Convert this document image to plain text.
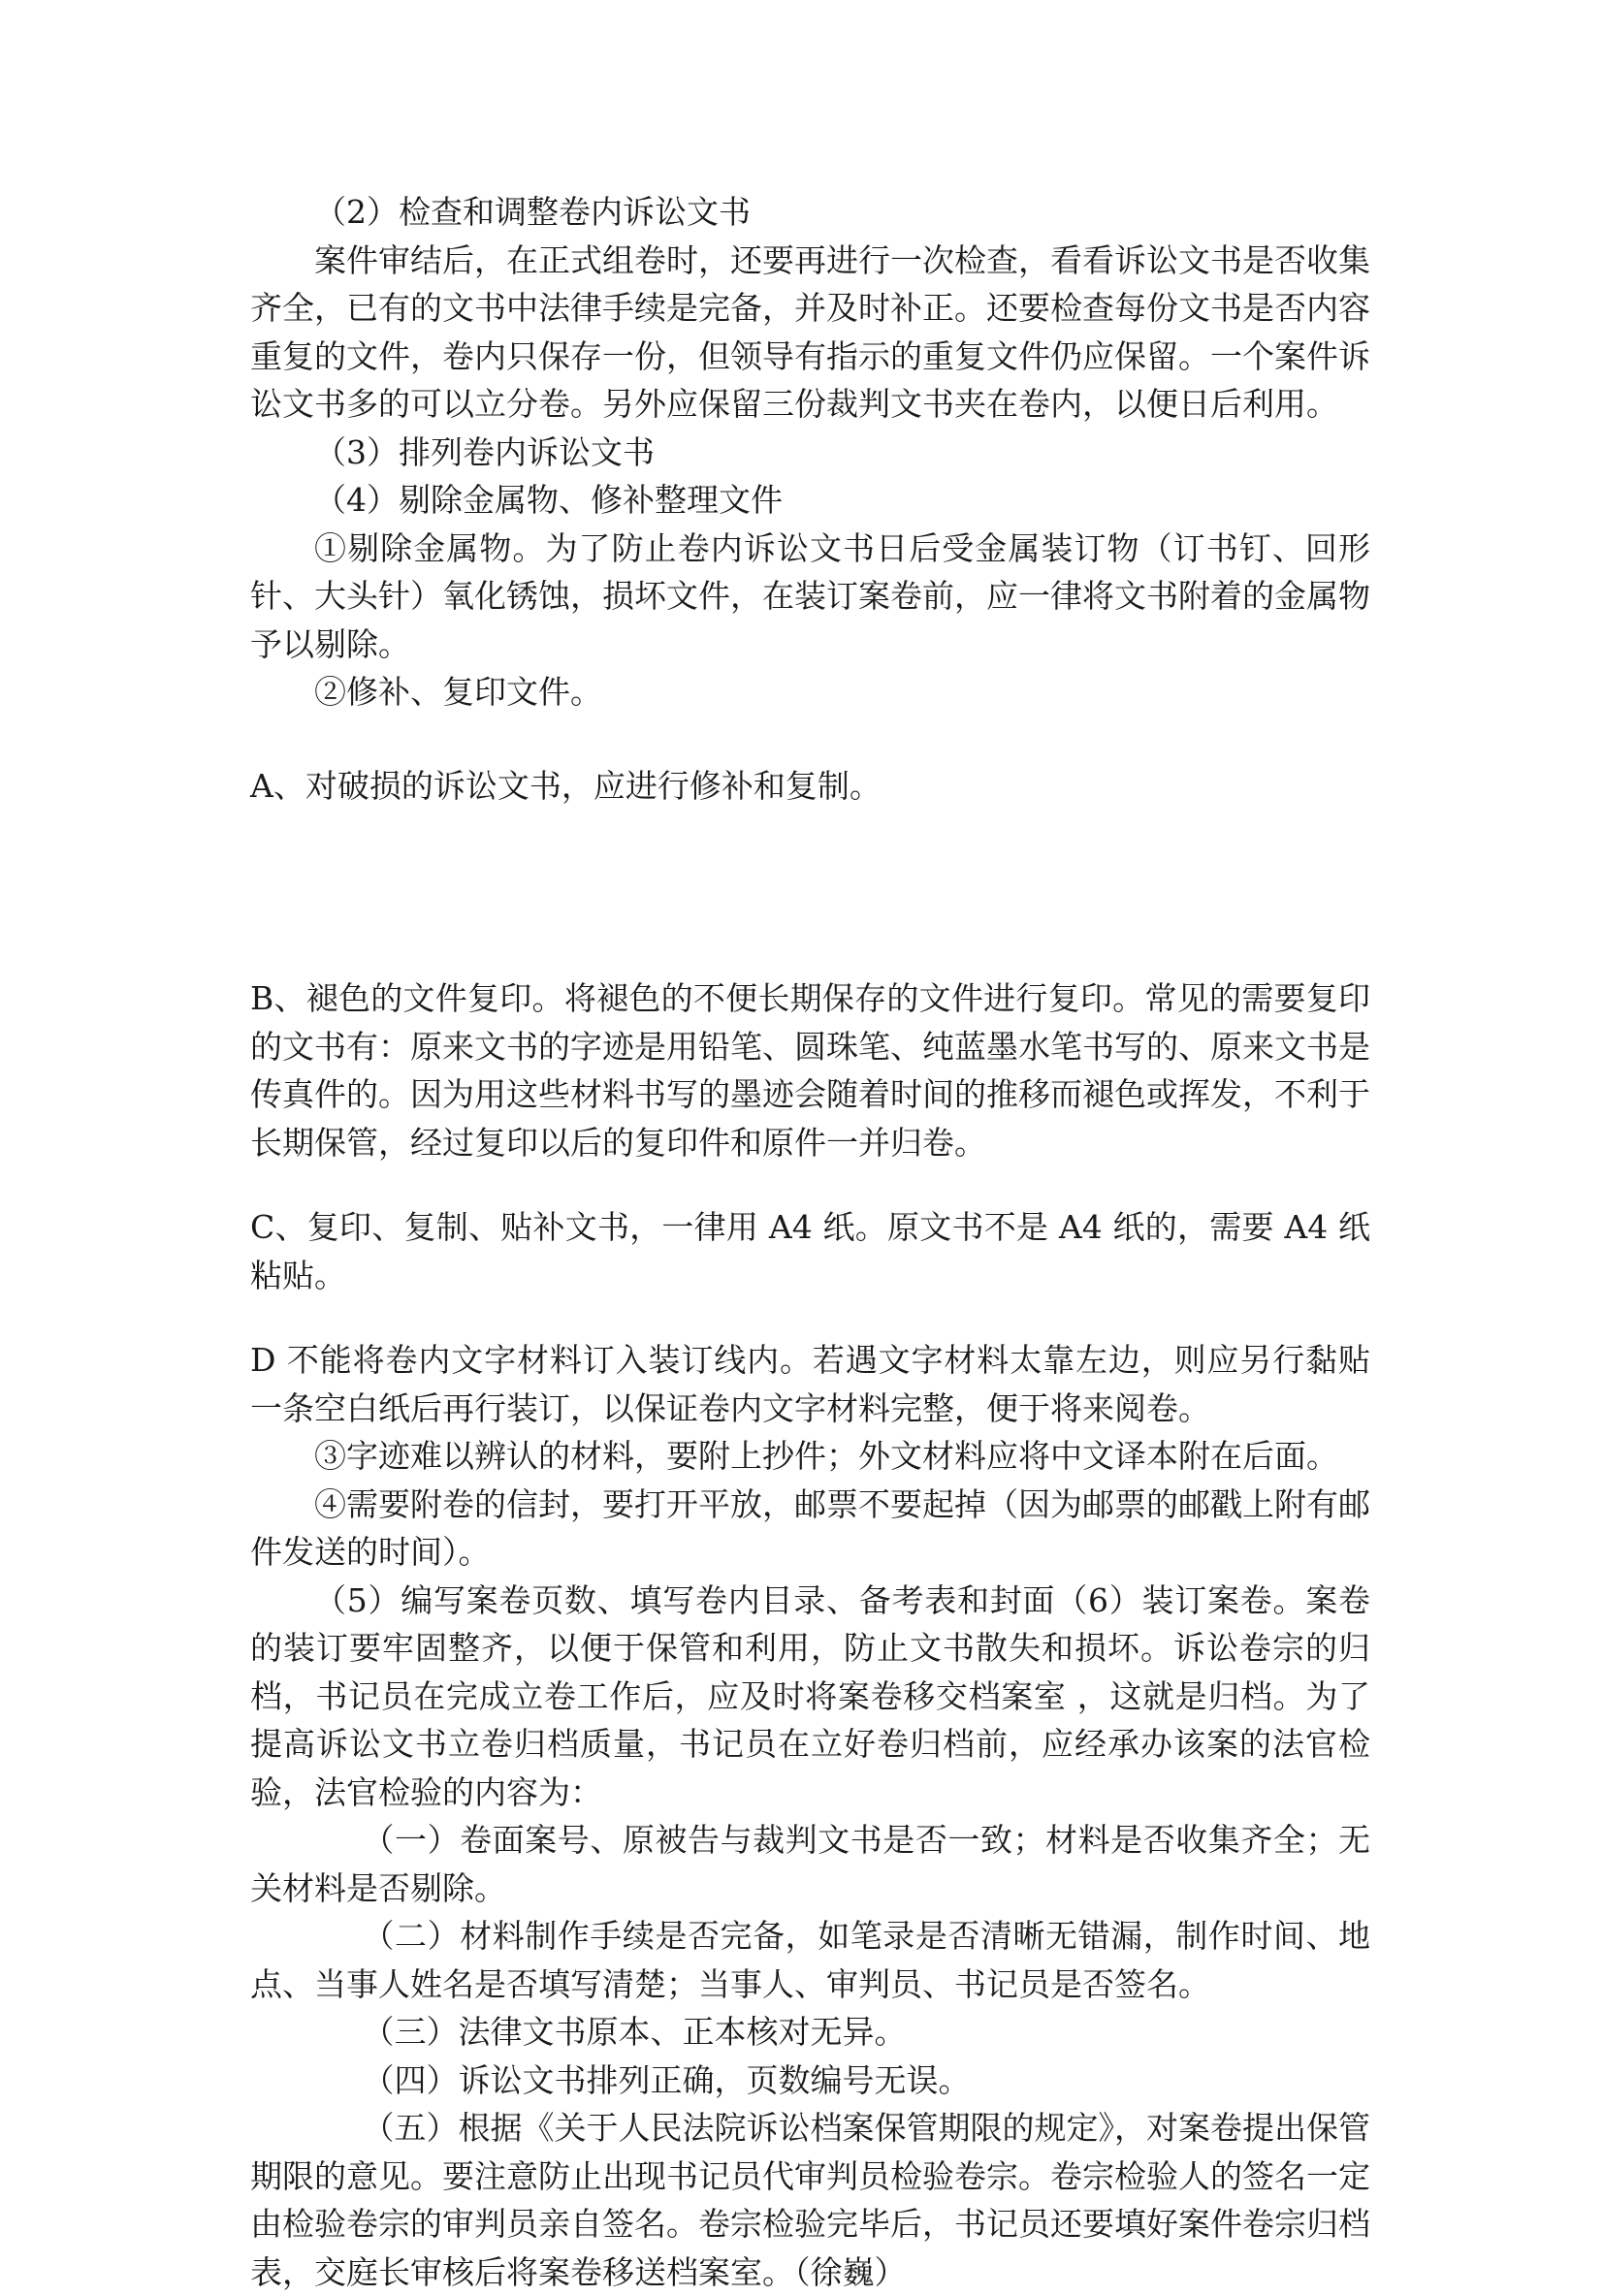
（2）检查和调整卷内诉讼文书

案件审结后，在正式组卷时，还要再进行一次检查，看看诉讼文书是否收集齐全，已有的文书中法律手续是完备，并及时补正。还要检查每份文书是否内容重复的文件，卷内只保存一份，但领导有指示的重复文件仍应保留。一个案件诉讼文书多的可以立分卷。另外应保留三份裁判文书夹在卷内，以便日后利用。

（3）排列卷内诉讼文书

（4）剔除金属物、修补整理文件

①剔除金属物。为了防止卷内诉讼文书日后受金属装订物（订书钉、回形针、大头针）氧化锈蚀，损坏文件，在装订案卷前，应一律将文书附着的金属物予以剔除。

②修补、复印文件。

A、对破损的诉讼文书，应进行修补和复制。

B、褪色的文件复印。将褪色的不便长期保存的文件进行复印。常见的需要复印的文书有：原来文书的字迹是用铅笔、圆珠笔、纯蓝墨水笔书写的、原来文书是传真件的。因为用这些材料书写的墨迹会随着时间的推移而褪色或挥发，不利于长期保管，经过复印以后的复印件和原件一并归卷。

C、复印、复制、贴补文书，一律用 A4 纸。原文书不是 A4 纸的，需要 A4 纸粘贴。

D 不能将卷内文字材料订入装订线内。若遇文字材料太靠左边，则应另行黏贴一条空白纸后再行装订，以保证卷内文字材料完整，便于将来阅卷。

③字迹难以辨认的材料，要附上抄件；外文材料应将中文译本附在后面。

④需要附卷的信封，要打开平放，邮票不要起掉（因为邮票的邮戳上附有邮件发送的时间）。

（5）编写案卷页数、填写卷内目录、备考表和封面（6）装订案卷。案卷的装订要牢固整齐，以便于保管和利用，防止文书散失和损坏。诉讼卷宗的归档，书记员在完成立卷工作后，应及时将案卷移交档案室 ，这就是归档。为了提高诉讼文书立卷归档质量，书记员在立好卷归档前，应经承办该案的法官检验，法官检验的内容为：

（一）卷面案号、原被告与裁判文书是否一致；材料是否收集齐全；无关材料是否剔除。

（二）材料制作手续是否完备，如笔录是否清晰无错漏，制作时间、地点、当事人姓名是否填写清楚；当事人、审判员、书记员是否签名。

（三）法律文书原本、正本核对无异。

（四）诉讼文书排列正确，页数编号无误。

（五）根据《关于人民法院诉讼档案保管期限的规定》，对案卷提出保管期限的意见。要注意防止出现书记员代审判员检验卷宗。卷宗检验人的签名一定由检验卷宗的审判员亲自签名。卷宗检验完毕后，书记员还要填好案件卷宗归档表，交庭长审核后将案卷移送档案室。（徐巍）
